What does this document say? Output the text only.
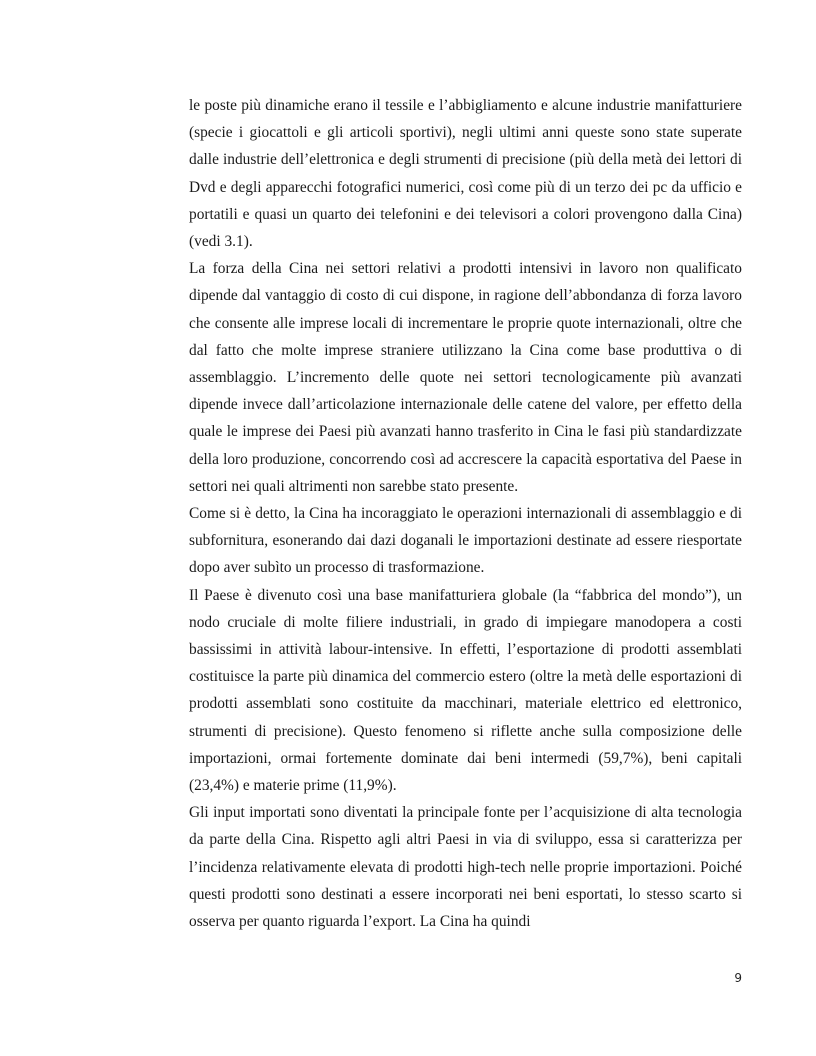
le poste più dinamiche erano il tessile e l’abbigliamento e alcune industrie manifatturiere (specie i giocattoli e gli articoli sportivi), negli ultimi anni queste sono state superate dalle industrie dell’elettronica e degli strumenti di precisione (più della metà dei lettori di Dvd e degli apparecchi fotografici numerici, così come più di un terzo dei pc da ufficio e portatili e quasi un quarto dei telefonini e dei televisori a colori provengono dalla Cina) (vedi 3.1).

La forza della Cina nei settori relativi a prodotti intensivi in lavoro non qualificato dipende dal vantaggio di costo di cui dispone, in ragione dell’abbondanza di forza lavoro che consente alle imprese locali di incrementare le proprie quote internazionali, oltre che dal fatto che molte imprese straniere utilizzano la Cina come base produttiva o di assemblaggio. L’incremento delle quote nei settori tecnologicamente più avanzati dipende invece dall’articolazione internazionale delle catene del valore, per effetto della quale le imprese dei Paesi più avanzati hanno trasferito in Cina le fasi più standardizzate della loro produzione, concorrendo così ad accrescere la capacità esportativa del Paese in settori nei quali altrimenti non sarebbe stato presente.

Come si è detto, la Cina ha incoraggiato le operazioni internazionali di assemblaggio e di subfornitura, esonerando dai dazi doganali le importazioni destinate ad essere riesportate dopo aver subìto un processo di trasformazione.

Il Paese è divenuto così una base manifatturiera globale (la “fabbrica del mondo”), un nodo cruciale di molte filiere industriali, in grado di impiegare manodopera a costi bassissimi in attività labour-intensive. In effetti, l’esportazione di prodotti assemblati costituisce la parte più dinamica del commercio estero (oltre la metà delle esportazioni di prodotti assemblati sono costituite da macchinari, materiale elettrico ed elettronico, strumenti di precisione). Questo fenomeno si riflette anche sulla composizione delle importazioni, ormai fortemente dominate dai beni intermedi (59,7%), beni capitali (23,4%) e materie prime (11,9%).

Gli input importati sono diventati la principale fonte per l’acquisizione di alta tecnologia da parte della Cina. Rispetto agli altri Paesi in via di sviluppo, essa si caratterizza per l’incidenza relativamente elevata di prodotti high-tech nelle proprie importazioni. Poiché questi prodotti sono destinati a essere incorporati nei beni esportati, lo stesso scarto si osserva per quanto riguarda l’export. La Cina ha quindi

9
